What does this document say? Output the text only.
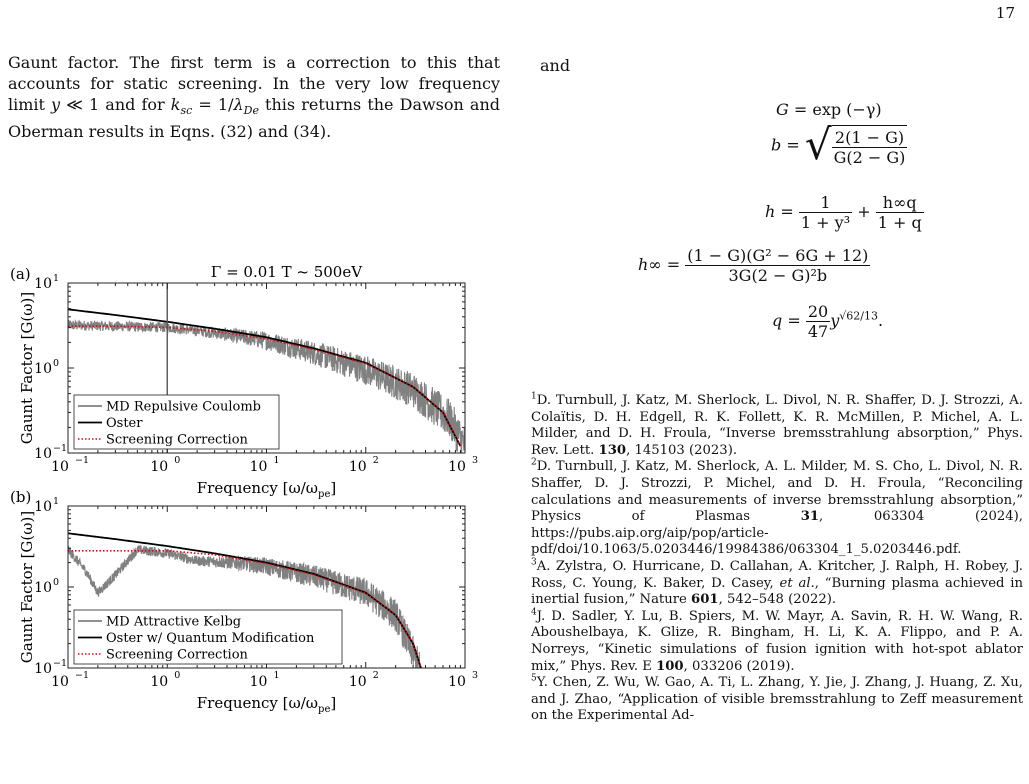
17
Gaunt factor. The first term is a correction to this that accounts for static screening. In the very low frequency limit y ≪ 1 and for $k_{sc} = 1/\lambda_{De}$ this returns the Dawson and Oberman results in Eqns. (32) and (34).
and
G = exp (−γ)
b = √ $\frac{2(1 - G)}{G(2 - G)}$
$h = \frac{1}{\text{1 + y³}} + \frac{h\infty q}{1 + q}$
$h\infty = \frac{\text{(1 − G)(G² − 6G + 12)}}{\text{3G(2 − G)²b}}$
$q = \frac{20}{47} y^{√62/13}$.
$^1$D. Turnbull, J. Katz, M. Sherlock, L. Divol, N. R. Shaffer, D. J. Strozzi, A. Colaïtis, D. H. Edgell, R. K. Follett, K. R. McMillen, P. Michel, A. L. Milder, and D. H. Froula, “Inverse bremsstrahlung absorption,” Phys. Rev. Lett. 130, 145103 (2023).
$^2$D. Turnbull, J. Katz, M. Sherlock, A. L. Milder, M. S. Cho, L. Divol, N. R. Shaffer, D. J. Strozzi, P. Michel, and D. H. Froula, “Reconciling calculations and measurements of inverse bremsstrahlung absorption,” Physics of Plasmas 31, 063304 (2024), https://pubs.aip.org/aip/pop/article-pdf/doi/10.1063/5.0203446/19984386/063304_1_5.0203446.pdf.
$^3$A. Zylstra, O. Hurricane, D. Callahan, A. Kritcher, J. Ralph, H. Robey, J. Ross, C. Young, K. Baker, D. Casey, et al., “Burning plasma achieved in inertial fusion,” Nature 601, 542–548 (2022).
$^4$J. D. Sadler, Y. Lu, B. Spiers, M. W. Mayr, A. Savin, R. H. W. Wang, R. Aboushelbaya, K. Glize, R. Bingham, H. Li, K. A. Flippo, and P. A. Norreys, “Kinetic simulations of fusion ignition with hot-spot ablator mix,” Phys. Rev. E 100, 033206 (2019).
$^5$Y. Chen, Z. Wu, W. Gao, A. Ti, L. Zhang, Y. Jie, J. Zhang, J. Huang, Z. Xu, and J. Zhao, “Application of visible bremsstrahlung to Zeff measurement on the Experimental Ad-
(a)	Γ = 0.01 T ~ 500eV
10 −1	10 0	10 1	10 2	10 3
10 1
10 0
10 −1
Frequency $[\omega/\omega_{pe}]$
Gaunt Factor [G(ω)]	MD Repulsive Coulomb
Oster
Screening Correction
(b)
10 −1	10 0	10 1	10 2	10 3
10 1
10 0
10 −1
Frequency $[\omega/\omega_{pe}]$
Gaunt Factor [G(ω)]	MD Attractive Kelbg
Oster w/ Quantum Modification
Screening Correction
